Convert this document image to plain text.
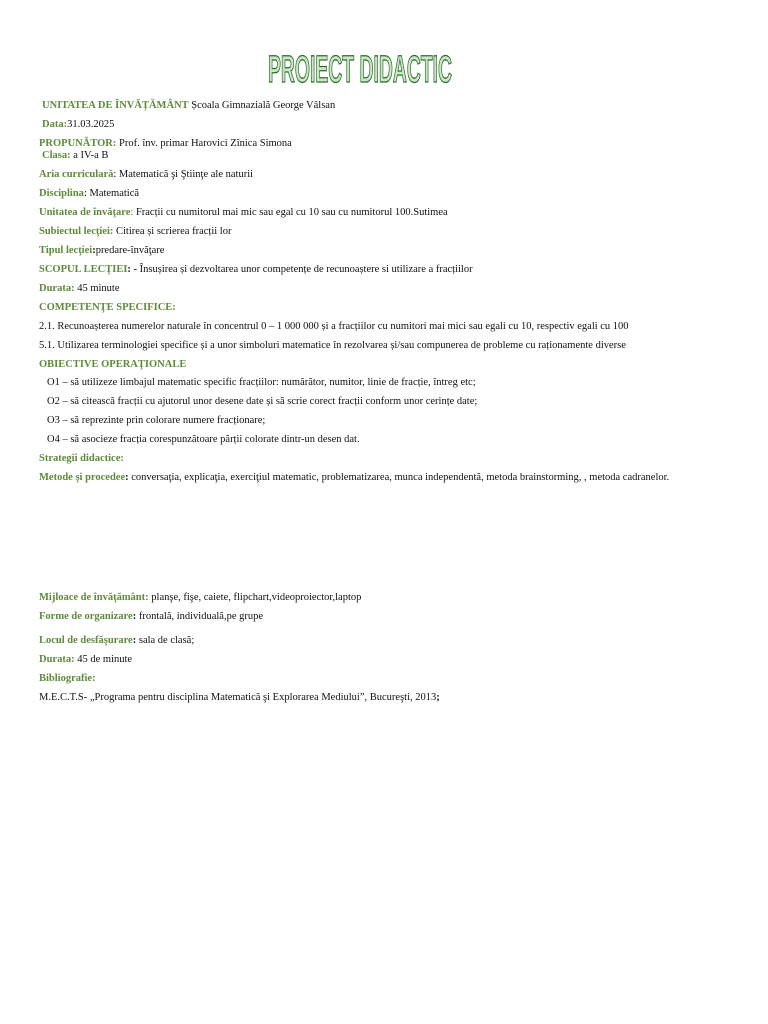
PROIECT DIDACTIC
UNITATEA DE ÎNVĂȚĂMÂNT Școala Gimnazială George Vâlsan
Data:31.03.2025
PROPUNĂTOR: Prof. înv. primar Harovici Zînica Simona
Clasa: a IV-a B
Aria curriculară: Matematică şi Ştiinţe ale naturii
Disciplina: Matematică
Unitatea de învăţare: Fracții cu numitorul mai mic sau egal cu 10 sau cu numitorul 100.Sutimea
Subiectul lecţiei: Citirea și scrierea fracții lor
Tipul lecţiei:predare-învăţare
SCOPUL LECŢIEI: - Însușirea și dezvoltarea unor competențe de recunoaștere si utilizare a fracțiilor
Durata: 45 minute
COMPETENŢE SPECIFICE:
2.1. Recunoașterea numerelor naturale în concentrul 0 – 1 000 000 și a fracțiilor cu numitori mai mici sau egali cu 10, respectiv egali cu 100
5.1. Utilizarea terminologiei specifice și a unor simboluri matematice în rezolvarea și/sau compunerea de probleme cu raționamente diverse
OBIECTIVE OPERAŢIONALE
O1 – să utilizeze limbajul matematic specific fracțiilor: numărător, numitor, linie de fracție, întreg etc;
O2 – să citească fracții cu ajutorul unor desene date și să scrie corect fracții conform unor cerințe date;
O3 – să reprezinte prin colorare numere fracționare;
O4 – să asocieze fracția corespunzătoare părții colorate dintr-un desen dat.
Strategii didactice:
Metode şi procedee: conversaţia, explicaţia, exerciţiul matematic, problematizarea, munca independentă, metoda brainstorming, , metoda cadranelor.
Mijloace de învăţământ: planşe, fişe, caiete, flipchart,videoproiector,laptop
Forme de organizare: frontală, individuală,pe grupe
Locul de desfăşurare: sala de clasă;
Durata: 45 de minute
Bibliografie:
M.E.C.T.S- „Programa pentru disciplina Matematică şi Explorarea Mediului”, Bucureşti, 2013;
